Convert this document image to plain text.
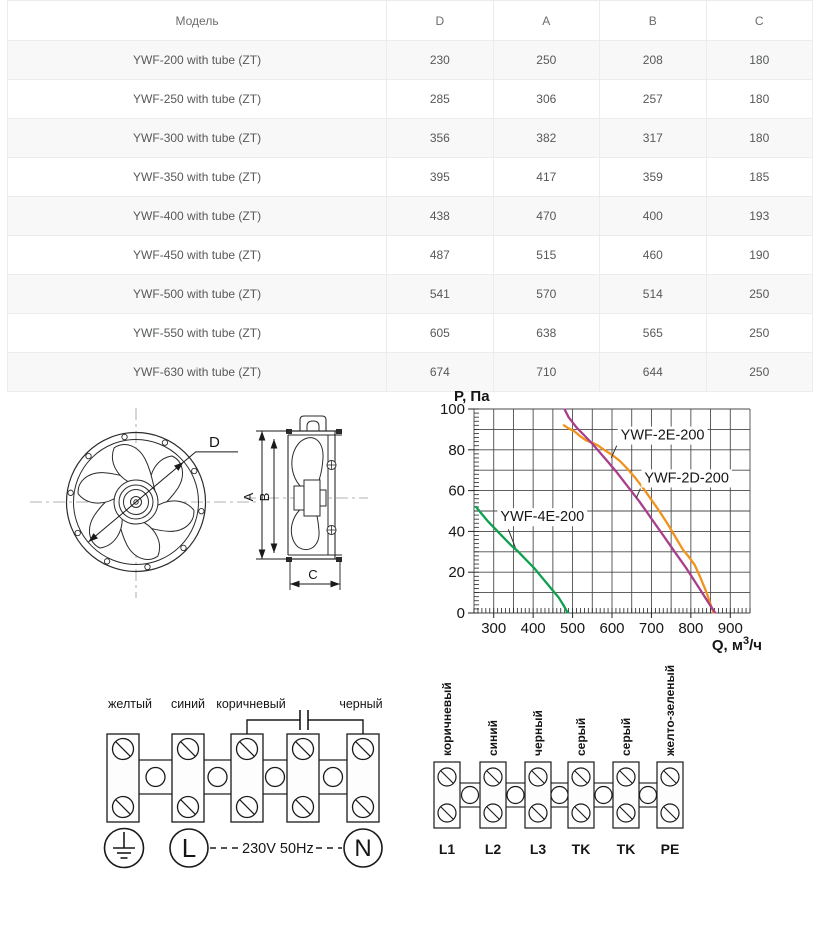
Модель	D	A	B	C
YWF-200 with tube (ZT)	230	250	208	180
YWF-250 with tube (ZT)	285	306	257	180
YWF-300 with tube (ZT)	356	382	317	180
YWF-350 with tube (ZT)	395	417	359	185
YWF-400 with tube (ZT)	438	470	400	193
YWF-450 with tube (ZT)	487	515	460	190
YWF-500 with tube (ZT)	541	570	514	250
YWF-550 with tube (ZT)	605	638	565	250
YWF-630 with tube (ZT)	674	710	644	250
D
A B
C
300 400 500 600 700 800 900
0
20
40
60
80
100
P, Па
Q, $м^3/ч$
YWF-2E-200
YWF-2D-200
YWF-4E-200
желтый синий коричневый	черный
L	N
230V 50Hz
коричневый	синий	черный серый	серый	желто-зеленый
L1 L2 L3 TK TK PE
